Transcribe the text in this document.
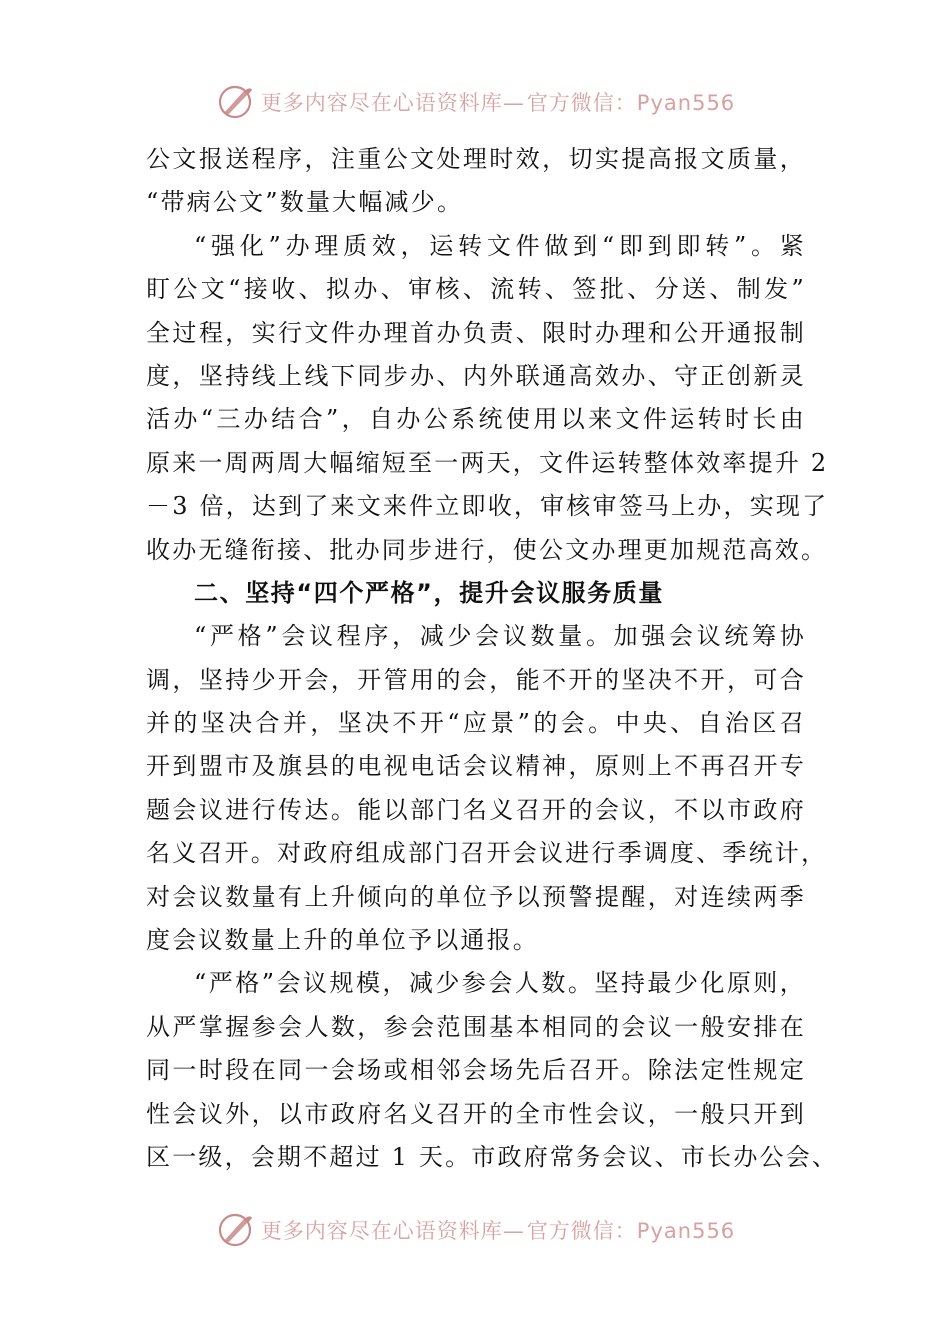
更多内容尽在心语资料库—官方微信：Pyan556
公文报送程序，注重公文处理时效，切实提高报文质量，
“带病公文”数量大幅减少。
“强化”办理质效，运转文件做到“即到即转”。紧
盯公文“接收、拟办、审核、流转、签批、分送、制发”
全过程，实行文件办理首办负责、限时办理和公开通报制
度，坚持线上线下同步办、内外联通高效办、守正创新灵
活办“三办结合”，自办公系统使用以来文件运转时长由
原来一周两周大幅缩短至一两天，文件运转整体效率提升 2
－3 倍，达到了来文来件立即收，审核审签马上办，实现了
收办无缝衔接、批办同步进行，使公文办理更加规范高效。
二、坚持“四个严格”，提升会议服务质量
“严格”会议程序，减少会议数量。加强会议统筹协
调，坚持少开会，开管用的会，能不开的坚决不开，可合
并的坚决合并，坚决不开“应景”的会。中央、自治区召
开到盟市及旗县的电视电话会议精神，原则上不再召开专
题会议进行传达。能以部门名义召开的会议，不以市政府
名义召开。对政府组成部门召开会议进行季调度、季统计，
对会议数量有上升倾向的单位予以预警提醒，对连续两季
度会议数量上升的单位予以通报。
“严格”会议规模，减少参会人数。坚持最少化原则，
从严掌握参会人数，参会范围基本相同的会议一般安排在
同一时段在同一会场或相邻会场先后召开。除法定性规定
性会议外，以市政府名义召开的全市性会议，一般只开到
区一级，会期不超过 1 天。市政府常务会议、市长办公会、
更多内容尽在心语资料库—官方微信：Pyan556
